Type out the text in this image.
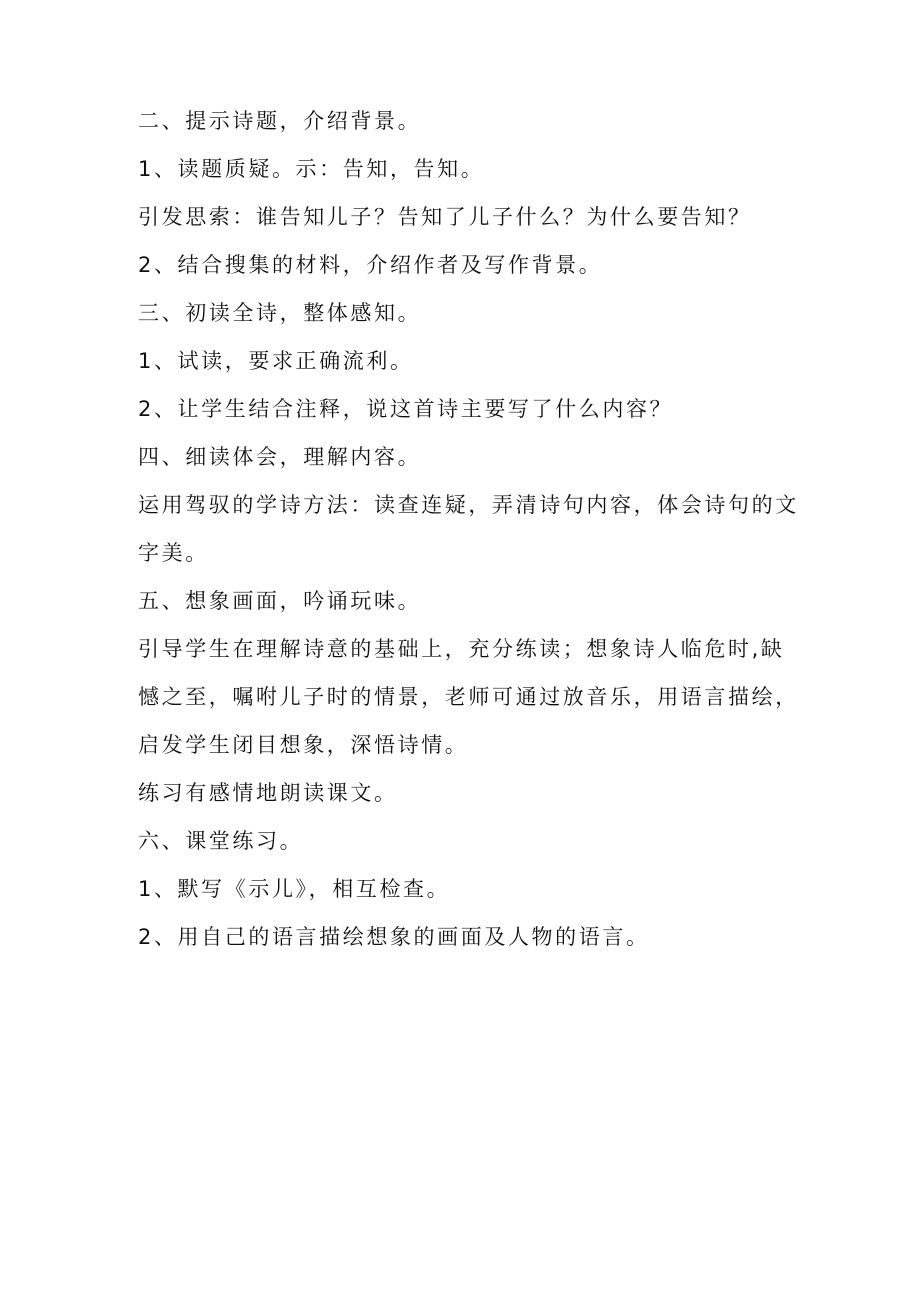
二、提示诗题，介绍背景。
1、读题质疑。示：告知，告知。
引发思索：谁告知儿子？告知了儿子什么？为什么要告知？
2、结合搜集的材料，介绍作者及写作背景。
三、初读全诗，整体感知。
1、试读，要求正确流利。
2、让学生结合注释，说这首诗主要写了什么内容？
四、细读体会，理解内容。
运用驾驭的学诗方法：读查连疑，弄清诗句内容，体会诗句的文
字美。
五、想象画面，吟诵玩味。
引导学生在理解诗意的基础上，充分练读；想象诗人临危时,缺
憾之至，嘱咐儿子时的情景，老师可通过放音乐，用语言描绘，
启发学生闭目想象，深悟诗情。
练习有感情地朗读课文。
六、课堂练习。
1、默写《示儿》，相互检查。
2、用自己的语言描绘想象的画面及人物的语言。
